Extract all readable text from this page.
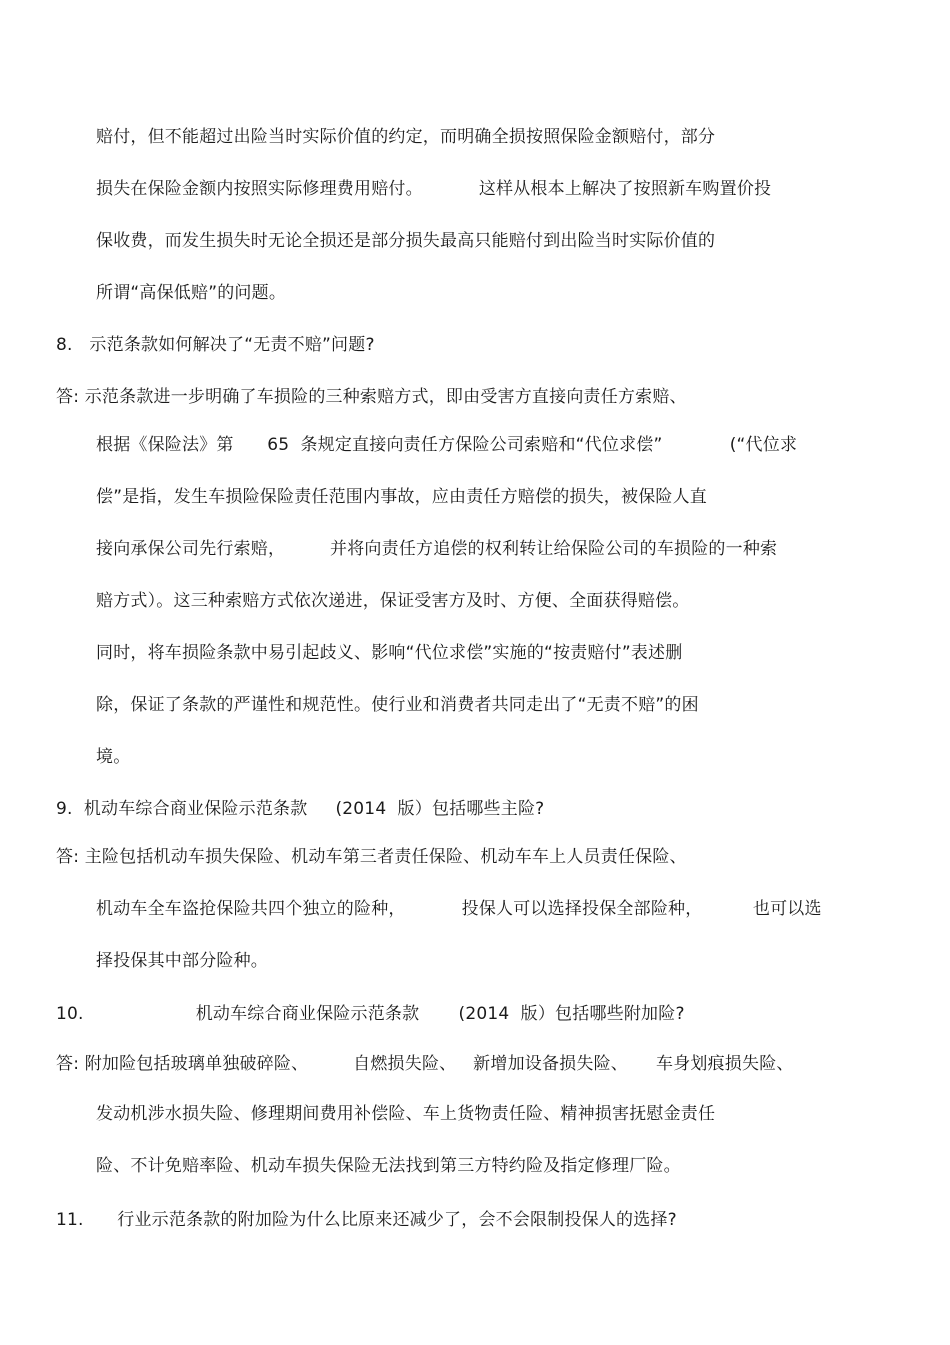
赔付，但不能超过出险当时实际价值的约定，而明确全损按照保险金额赔付，部分
损失在保险金额内按照实际修理费用赔付。          这样从根本上解决了按照新车购置价投
保收费，而发生损失时无论全损还是部分损失最高只能赔付到出险当时实际价值的
所谓“高保低赔”的问题。
8.   示范条款如何解决了“无责不赔”问题?
答: 示范条款进一步明确了车损险的三种索赔方式，即由受害方直接向责任方索赔、
根据《保险法》第      65  条规定直接向责任方保险公司索赔和“代位求偿”            (“代位求
偿”是指，发生车损险保险责任范围内事故，应由责任方赔偿的损失，被保险人直
接向承保公司先行索赔，        并将向责任方追偿的权利转让给保险公司的车损险的一种索
赔方式）。这三种索赔方式依次递进，保证受害方及时、方便、全面获得赔偿。
同时，将车损险条款中易引起歧义、影响“代位求偿”实施的“按责赔付”表述删
除，保证了条款的严谨性和规范性。使行业和消费者共同走出了“无责不赔”的困
境。
9.  机动车综合商业保险示范条款     (2014  版）包括哪些主险?
答: 主险包括机动车损失保险、机动车第三者责任保险、机动车车上人员责任保险、
机动车全车盗抢保险共四个独立的险种，          投保人可以选择投保全部险种，         也可以选
择投保其中部分险种。
10.                    机动车综合商业保险示范条款       (2014  版）包括哪些附加险?
答: 附加险包括玻璃单独破碎险、        自燃损失险、   新增加设备损失险、     车身划痕损失险、
发动机涉水损失险、修理期间费用补偿险、车上货物责任险、精神损害抚慰金责任
险、不计免赔率险、机动车损失保险无法找到第三方特约险及指定修理厂险。
11.      行业示范条款的附加险为什么比原来还减少了，会不会限制投保人的选择?
